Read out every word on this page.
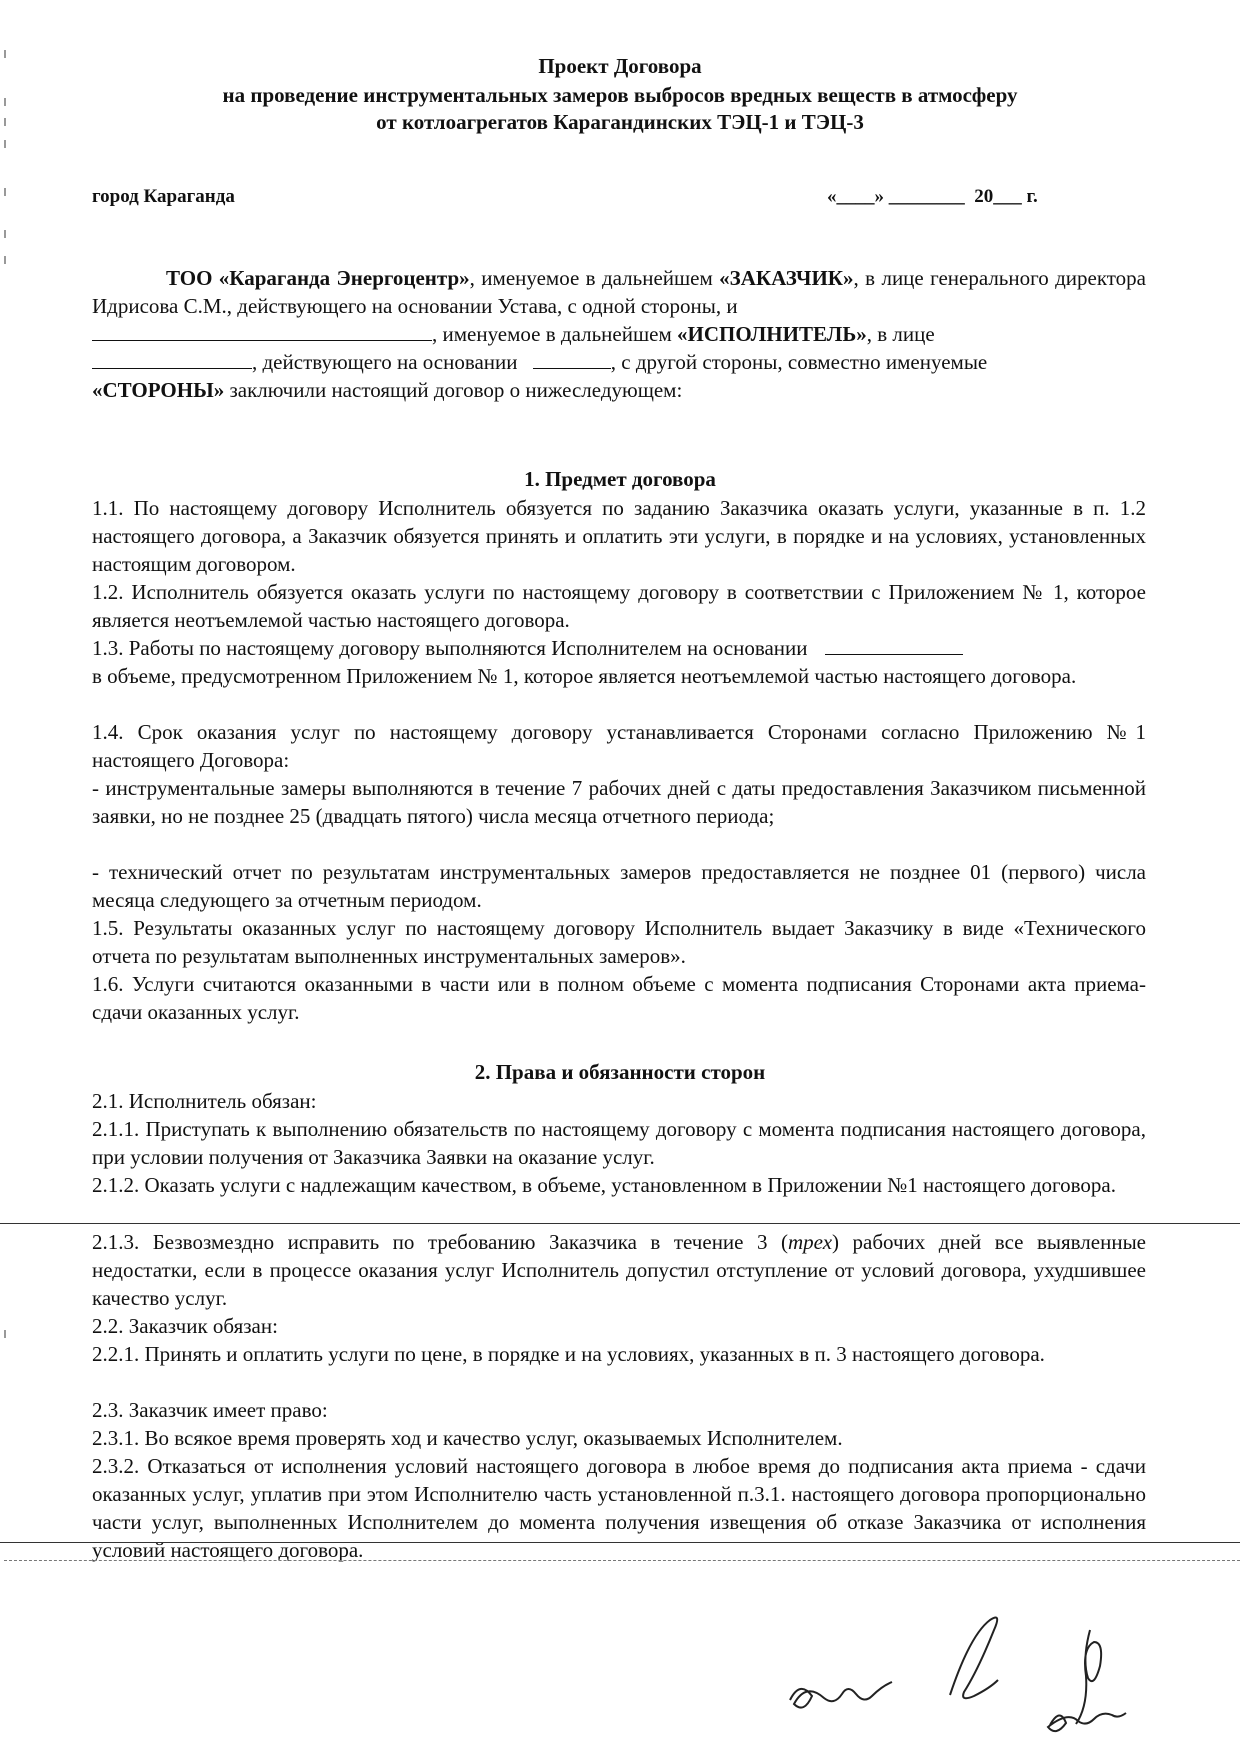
Проект Договора
на проведение инструментальных замеров выбросов вредных веществ в атмосферу
от котлоагрегатов Карагандинских ТЭЦ-1 и ТЭЦ-3
город Караганда	«____» ________  20___ г.
ТОО «Караганда Энергоцентр», именуемое в дальнейшем «ЗАКАЗЧИК», в лице генерального директора Идрисова С.М., действующего на основании Устава, с одной стороны, и
, именуемое в дальнейшем «ИСПОЛНИТЕЛЬ», в лице
, действующего на основании	, с другой стороны, совместно именуемые
«СТОРОНЫ» заключили настоящий договор о нижеследующем:
1. Предмет договора
1.1. По настоящему договору Исполнитель обязуется по заданию Заказчика оказать услуги, указанные в п. 1.2 настоящего договора, а Заказчик обязуется принять и оплатить эти услуги, в порядке и на условиях, установленных настоящим договором.
1.2. Исполнитель обязуется оказать услуги по настоящему договору в соответствии с Приложением № 1, которое является неотъемлемой частью настоящего договора.
1.3. Работы по настоящему договору выполняются Исполнителем на основании
в объеме, предусмотренном Приложением № 1, которое является неотъемлемой частью настоящего договора.
1.4. Срок оказания услуг по настоящему договору устанавливается Сторонами согласно Приложению №1 настоящего Договора:
- инструментальные замеры выполняются в течение 7 рабочих дней с даты предоставления Заказчиком письменной заявки, но не позднее 25 (двадцать пятого) числа месяца отчетного периода;
- технический отчет по результатам инструментальных замеров предоставляется не позднее 01 (первого) числа месяца следующего за отчетным периодом.
1.5. Результаты оказанных услуг по настоящему договору Исполнитель выдает Заказчику в виде «Технического отчета по результатам выполненных инструментальных замеров».
1.6. Услуги считаются оказанными в части или в полном объеме с момента подписания Сторонами акта приема-сдачи оказанных услуг.
2. Права и обязанности сторон
2.1. Исполнитель обязан:
2.1.1. Приступать к выполнению обязательств по настоящему договору с момента подписания настоящего договора, при условии получения от Заказчика Заявки на оказание услуг.
2.1.2. Оказать услуги с надлежащим качеством, в объеме, установленном в Приложении №1 настоящего договора.
2.1.3. Безвозмездно исправить по требованию Заказчика в течение 3 (трех) рабочих дней все выявленные недостатки, если в процессе оказания услуг Исполнитель допустил отступление от условий договора, ухудшившее качество услуг.
2.2. Заказчик обязан:
2.2.1. Принять и оплатить услуги по цене, в порядке и на условиях, указанных в п. 3 настоящего договора.
2.3. Заказчик имеет право:
2.3.1. Во всякое время проверять ход и качество услуг, оказываемых Исполнителем.
2.3.2. Отказаться от исполнения условий настоящего договора в любое время до подписания акта приема - сдачи оказанных услуг, уплатив при этом Исполнителю часть установленной п.3.1. настоящего договора пропорционально части услуг, выполненных Исполнителем до момента получения извещения об отказе Заказчика от исполнения условий настоящего договора.
